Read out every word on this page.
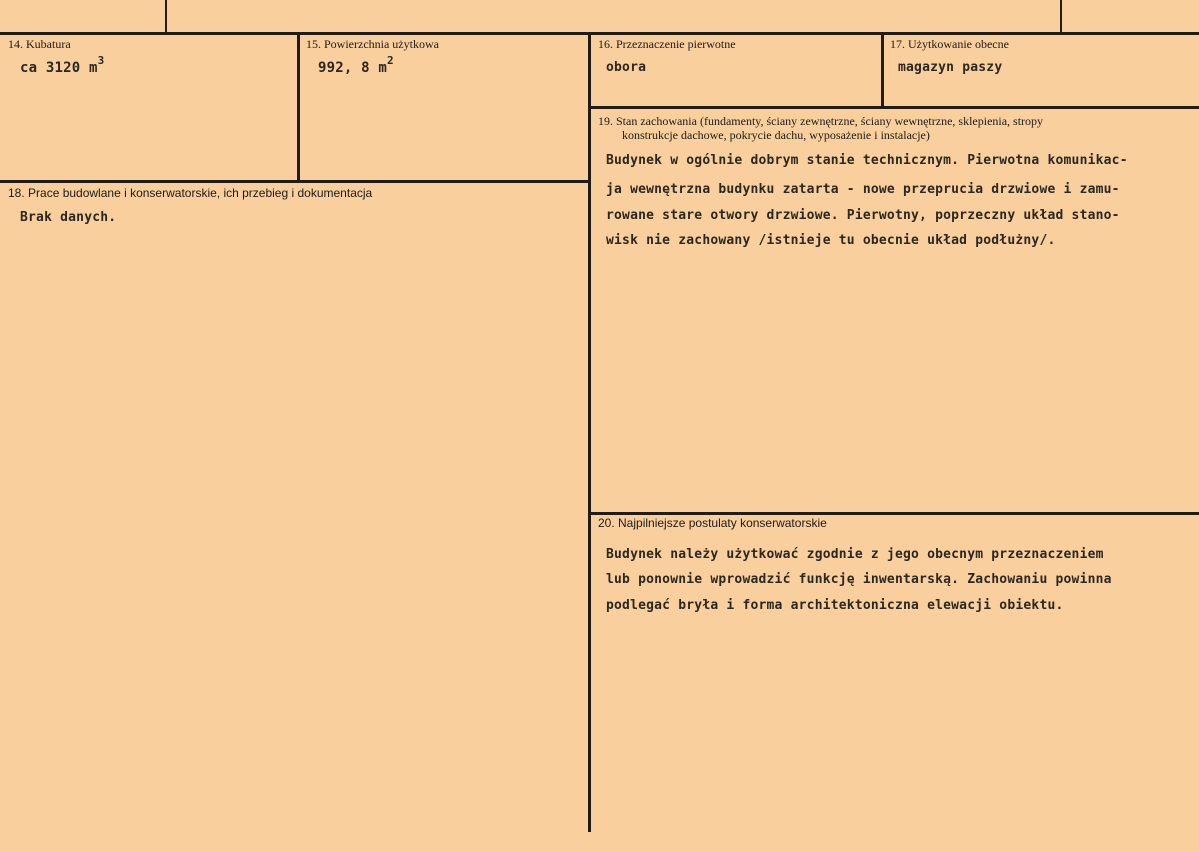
14. Kubatura
ca 3120 $m^3$
15. Powierzchnia użytkowa
992, 8 $m^2$
16. Przeznaczenie pierwotne
obora
17. Użytkowanie obecne
magazyn paszy
18. Prace budowlane i konserwatorskie, ich przebieg i dokumentacja
Brak danych.
19. Stan zachowania (fundamenty, ściany zewnętrzne, ściany wewnętrzne, sklepienia, stropy
konstrukcje dachowe, pokrycie dachu, wyposażenie i instalacje)
Budynek w ogólnie dobrym stanie technicznym. Pierwotna komunikac-
ja wewnętrzna budynku zatarta - nowe przeprucia drzwiowe i zamu-
rowane stare otwory drzwiowe. Pierwotny, poprzeczny układ stano-
wisk nie zachowany /istnieje tu obecnie układ podłużny/.
20. Najpilniejsze postulaty konserwatorskie
Budynek należy użytkować zgodnie z jego obecnym przeznaczeniem
lub ponownie wprowadzić funkcję inwentarską. Zachowaniu powinna
podlegać bryła i forma architektoniczna elewacji obiektu.
